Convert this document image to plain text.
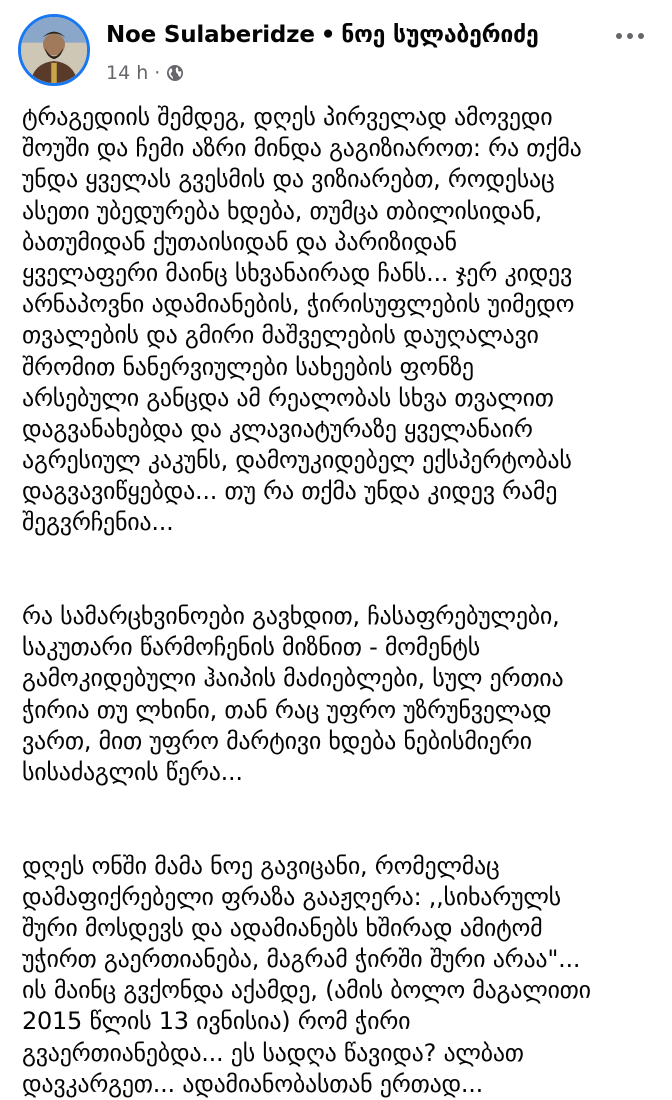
Noe Sulaberidze • ნოე სულაბერიძე
14 h ·
ტრაგედიის შემდეგ, დღეს პირველად ამოვედი
შოუში და ჩემი აზრი მინდა გაგიზიაროთ: რა თქმა
უნდა ყველას გვესმის და ვიზიარებთ, როდესაც
ასეთი უბედურება ხდება, თუმცა თბილისიდან,
ბათუმიდან ქუთაისიდან და პარიზიდან
ყველაფერი მაინც სხვანაირად ჩანს... ჯერ კიდევ
არნაპოვნი ადამიანების, ჭირისუფლების უიმედო
თვალების და გმირი მაშველების დაუღალავი
შრომით ნანერვიულები სახეების ფონზე
არსებული განცდა ამ რეალობას სხვა თვალით
დაგვანახებდა და კლავიატურაზე ყველანაირ
აგრესიულ კაკუნს, დამოუკიდებელ ექსპერტობას
დაგვავიწყებდა... თუ რა თქმა უნდა კიდევ რამე
შეგვრჩენია...
რა სამარცხვინოები გავხდით, ჩასაფრებულები,
საკუთარი წარმოჩენის მიზნით - მომენტს
გამოკიდებული ჰაიპის მაძიებლები, სულ ერთია
ჭირია თუ ლხინი, თან რაც უფრო უზრუნველად
ვართ, მით უფრო მარტივი ხდება ნებისმიერი
სისაძაგლის წერა...
დღეს ონში მამა ნოე გავიცანი, რომელმაც
დამაფიქრებელი ფრაზა გააჟღერა: ,,სიხარულს
შური მოსდევს და ადამიანებს ხშირად ამიტომ
უჭირთ გაერთიანება, მაგრამ ჭირში შური არაა"...
ის მაინც გვქონდა აქამდე, (ამის ბოლო მაგალითი
2015 წლის 13 ივნისია) რომ ჭირი
გვაერთიანებდა... ეს სადღა წავიდა? ალბათ
დავკარგეთ... ადამიანობასთან ერთად...
